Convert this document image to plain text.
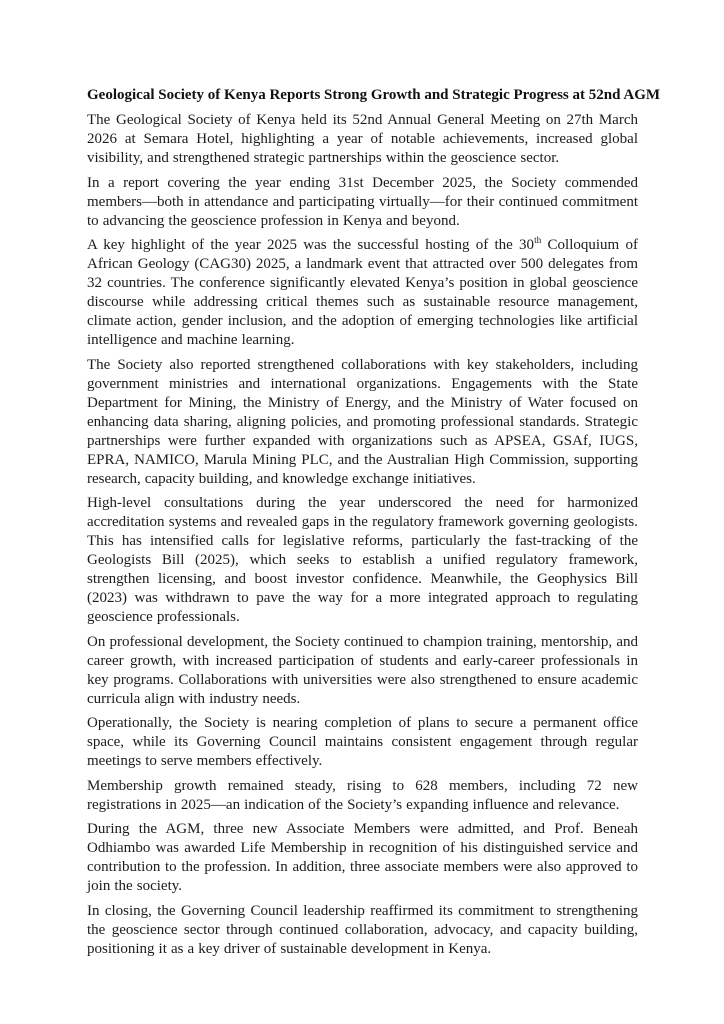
Geological Society of Kenya Reports Strong Growth and Strategic Progress at 52nd AGM

The Geological Society of Kenya held its 52nd Annual General Meeting on 27th March 2026 at Semara Hotel, highlighting a year of notable achievements, increased global visibility, and strengthened strategic partnerships within the geoscience sector.

In a report covering the year ending 31st December 2025, the Society commended members—both in attendance and participating virtually—for their continued commitment to advancing the geoscience profession in Kenya and beyond.

A key highlight of the year 2025 was the successful hosting of the 30th Colloquium of African Geology (CAG30) 2025, a landmark event that attracted over 500 delegates from 32 countries. The conference significantly elevated Kenya’s position in global geoscience discourse while addressing critical themes such as sustainable resource management, climate action, gender inclusion, and the adoption of emerging technologies like artificial intelligence and machine learning.

The Society also reported strengthened collaborations with key stakeholders, including government ministries and international organizations. Engagements with the State Department for Mining, the Ministry of Energy, and the Ministry of Water focused on enhancing data sharing, aligning policies, and promoting professional standards. Strategic partnerships were further expanded with organizations such as APSEA, GSAf, IUGS, EPRA, NAMICO, Marula Mining PLC, and the Australian High Commission, supporting research, capacity building, and knowledge exchange initiatives.

High-level consultations during the year underscored the need for harmonized accreditation systems and revealed gaps in the regulatory framework governing geologists. This has intensified calls for legislative reforms, particularly the fast-tracking of the Geologists Bill (2025), which seeks to establish a unified regulatory framework, strengthen licensing, and boost investor confidence. Meanwhile, the Geophysics Bill (2023) was withdrawn to pave the way for a more integrated approach to regulating geoscience professionals.

On professional development, the Society continued to champion training, mentorship, and career growth, with increased participation of students and early-career professionals in key programs. Collaborations with universities were also strengthened to ensure academic curricula align with industry needs.

Operationally, the Society is nearing completion of plans to secure a permanent office space, while its Governing Council maintains consistent engagement through regular meetings to serve members effectively.

Membership growth remained steady, rising to 628 members, including 72 new registrations in 2025—an indication of the Society’s expanding influence and relevance.

During the AGM, three new Associate Members were admitted, and Prof. Beneah Odhiambo was awarded Life Membership in recognition of his distinguished service and contribution to the profession. In addition, three associate members were also approved to join the society.

In closing, the Governing Council leadership reaffirmed its commitment to strengthening the geoscience sector through continued collaboration, advocacy, and capacity building, positioning it as a key driver of sustainable development in Kenya.
